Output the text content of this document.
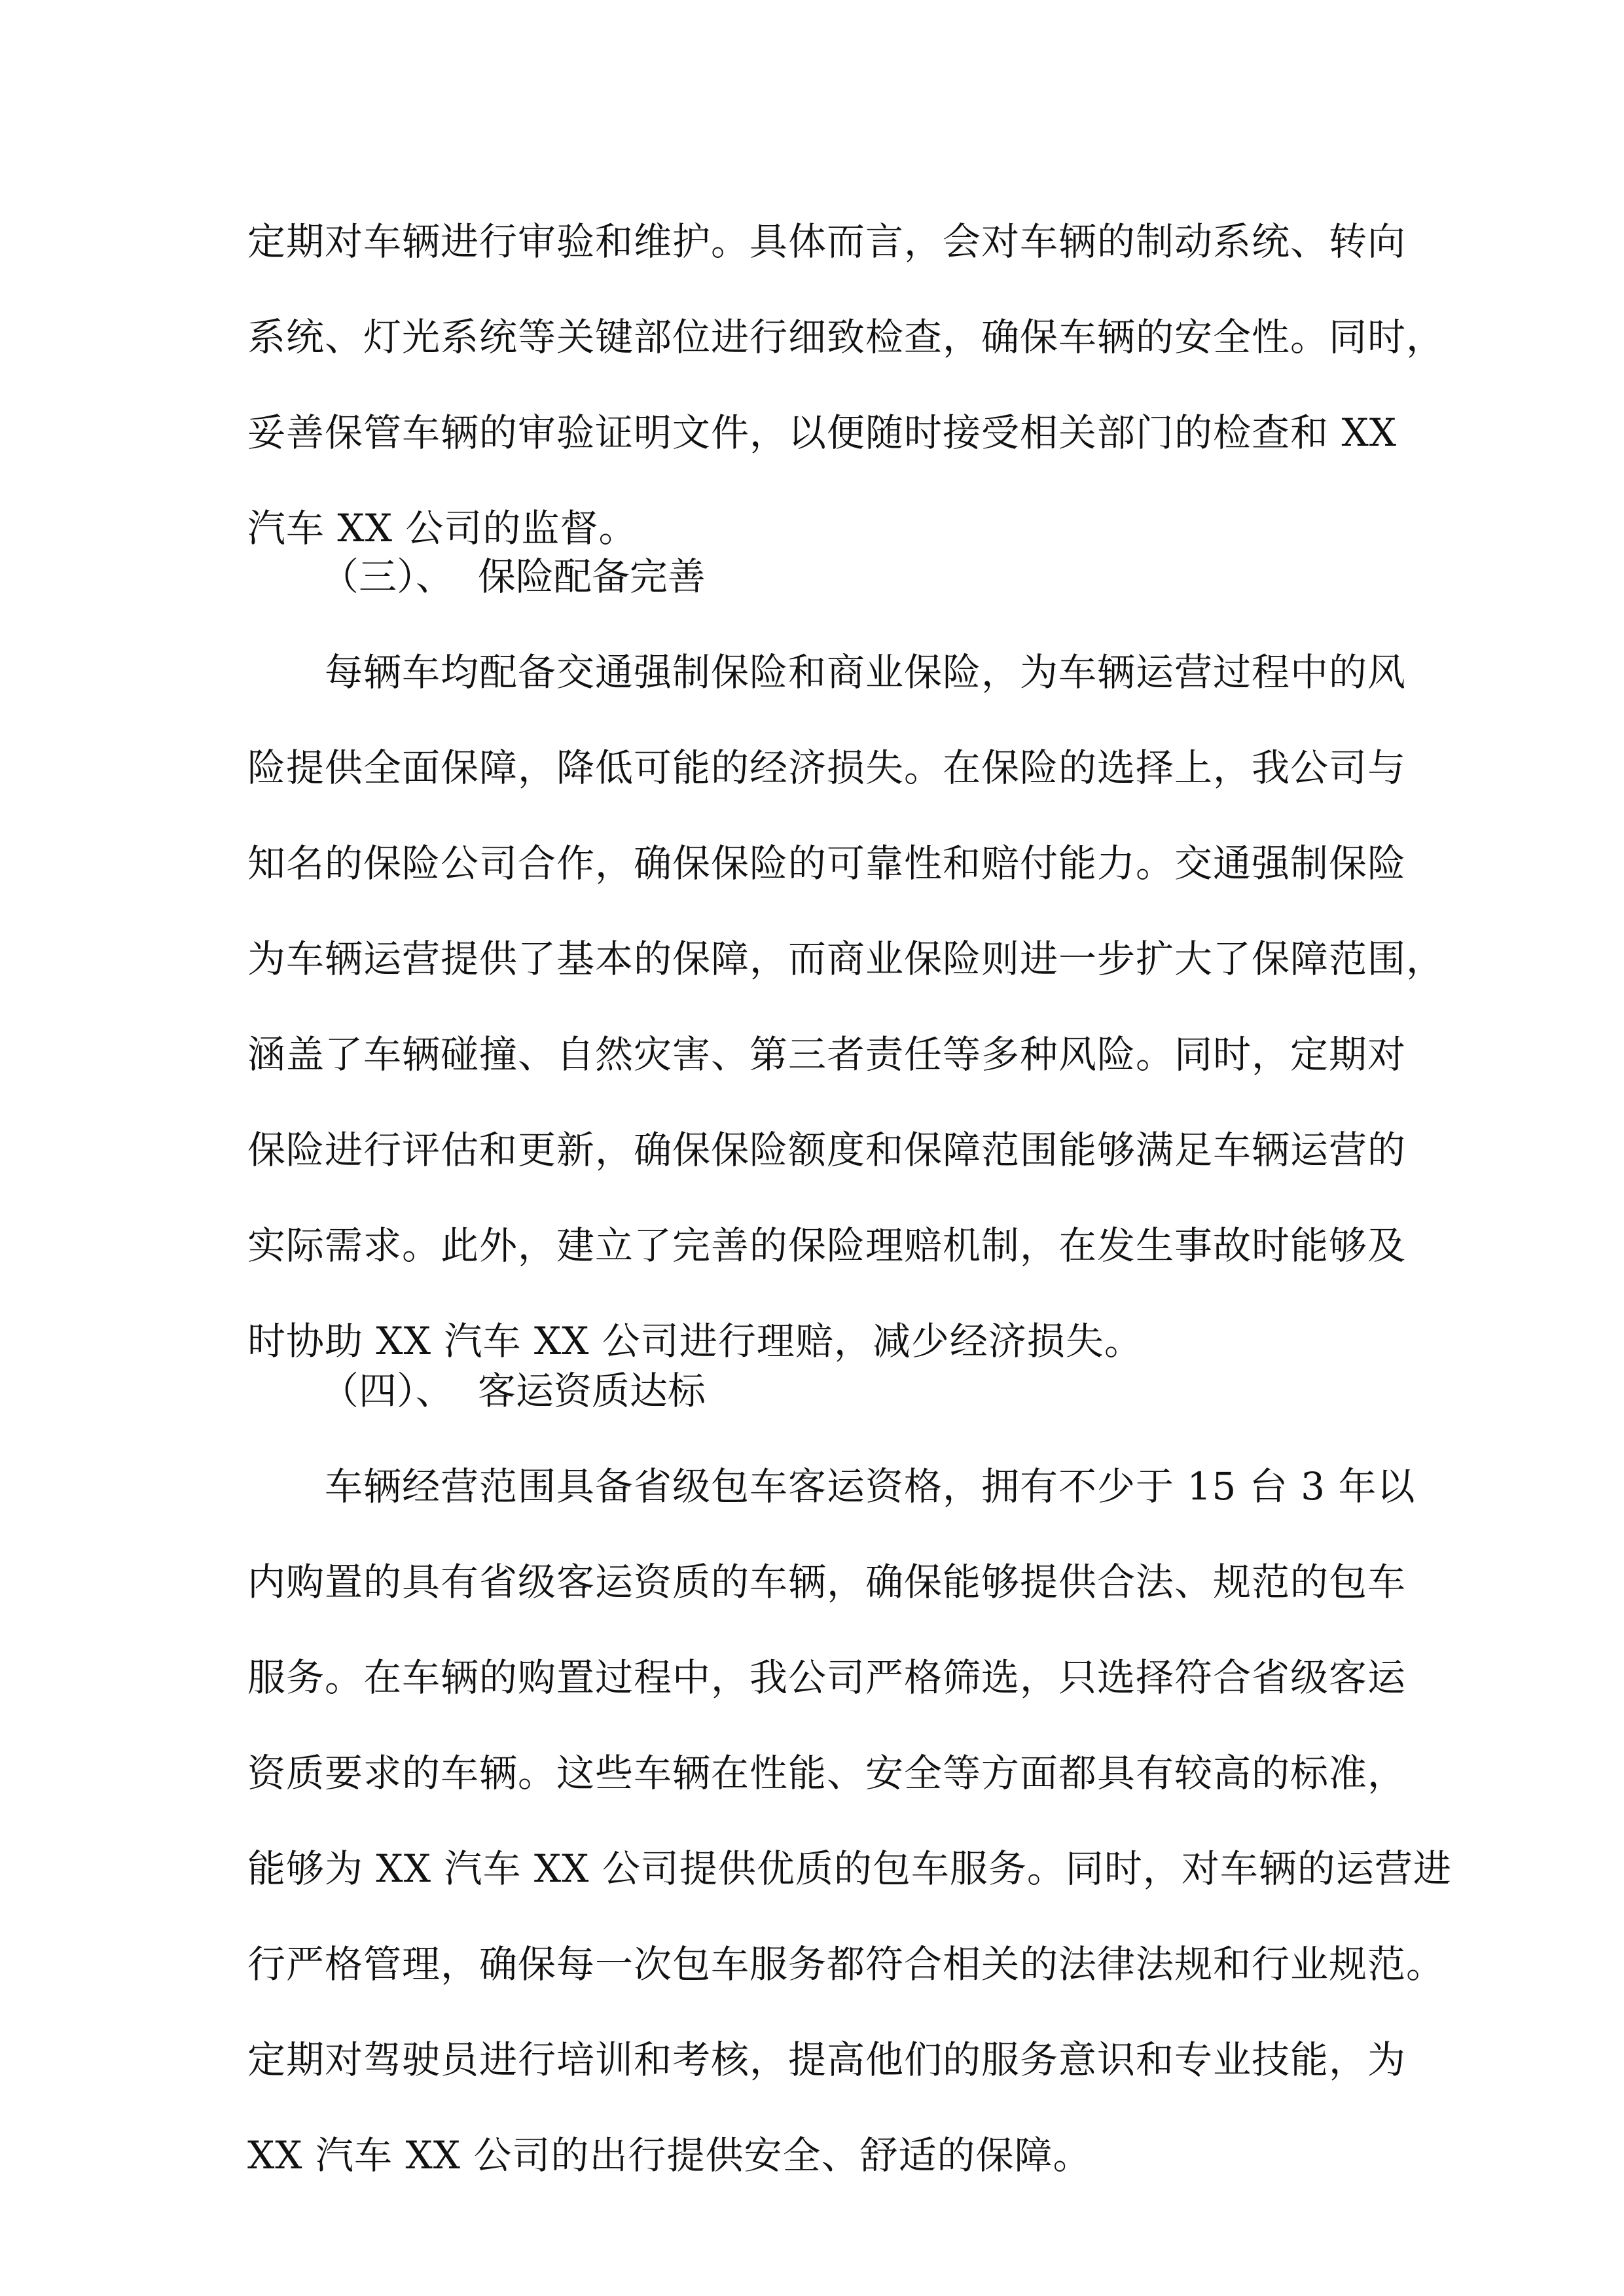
定期对车辆进行审验和维护。具体而言，会对车辆的制动系统、转向
系统、灯光系统等关键部位进行细致检查，确保车辆的安全性。同时，
妥善保管车辆的审验证明文件，以便随时接受相关部门的检查和 XX
汽车 XX 公司的监督。
（三）、  保险配备完善
　　每辆车均配备交通强制保险和商业保险，为车辆运营过程中的风
险提供全面保障，降低可能的经济损失。在保险的选择上，我公司与
知名的保险公司合作，确保保险的可靠性和赔付能力。交通强制保险
为车辆运营提供了基本的保障，而商业保险则进一步扩大了保障范围，
涵盖了车辆碰撞、自然灾害、第三者责任等多种风险。同时，定期对
保险进行评估和更新，确保保险额度和保障范围能够满足车辆运营的
实际需求。此外，建立了完善的保险理赔机制，在发生事故时能够及
时协助 XX 汽车 XX 公司进行理赔，减少经济损失。
（四）、  客运资质达标
　　车辆经营范围具备省级包车客运资格，拥有不少于 15 台 3 年以
内购置的具有省级客运资质的车辆，确保能够提供合法、规范的包车
服务。在车辆的购置过程中，我公司严格筛选，只选择符合省级客运
资质要求的车辆。这些车辆在性能、安全等方面都具有较高的标准，
能够为 XX 汽车 XX 公司提供优质的包车服务。同时，对车辆的运营进
行严格管理，确保每一次包车服务都符合相关的法律法规和行业规范。
定期对驾驶员进行培训和考核，提高他们的服务意识和专业技能，为
XX 汽车 XX 公司的出行提供安全、舒适的保障。
